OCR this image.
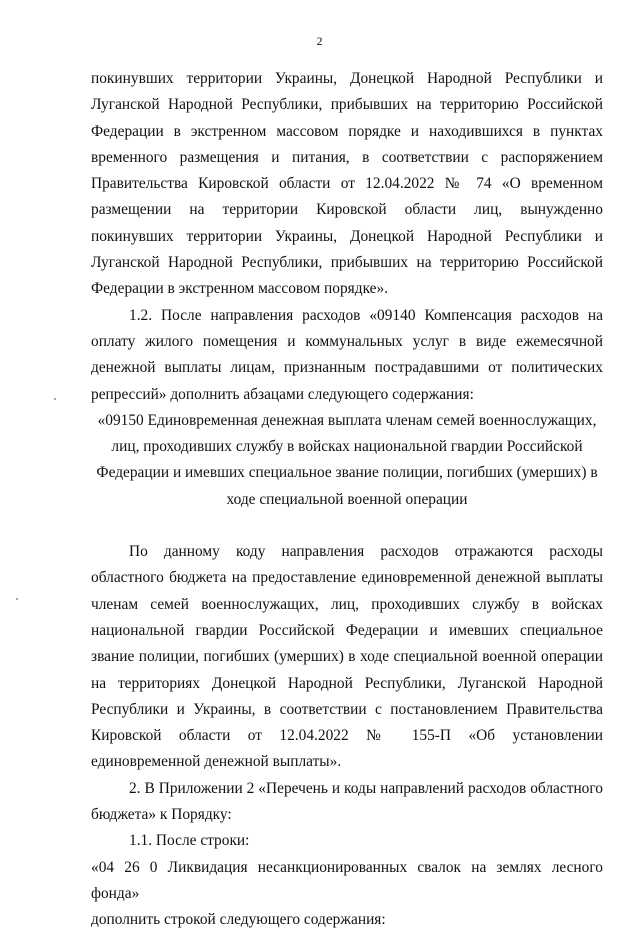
2

покинувших территории Украины, Донецкой Народной Республики и Луганской Народной Республики, прибывших на территорию Российской Федерации в экстренном массовом порядке и находившихся в пунктах временного размещения и питания, в соответствии с распоряжением Правительства Кировской области от 12.04.2022 № 74 «О временном размещении на территории Кировской области лиц, вынужденно покинувших территории Украины, Донецкой Народной Республики и Луганской Народной Республики, прибывших на территорию Российской Федерации в экстренном массовом порядке».

1.2. После направления расходов «09140 Компенсация расходов на оплату жилого помещения и коммунальных услуг в виде ежемесячной денежной выплаты лицам, признанным пострадавшими от политических репрессий» дополнить абзацами следующего содержания:

«09150 Единовременная денежная выплата членам семей военнослужащих, лиц, проходивших службу в войсках национальной гвардии Российской Федерации и имевших специальное звание полиции, погибших (умерших) в ходе специальной военной операции

По данному коду направления расходов отражаются расходы областного бюджета на предоставление единовременной денежной выплаты членам семей военнослужащих, лиц, проходивших службу в войсках национальной гвардии Российской Федерации и имевших специальное звание полиции, погибших (умерших) в ходе специальной военной операции на территориях Донецкой Народной Республики, Луганской Народной Республики и Украины, в соответствии с постановлением Правительства Кировской области от 12.04.2022 № 155-П «Об установлении единовременной денежной выплаты».

2. В Приложении 2 «Перечень и коды направлений расходов областного бюджета» к Порядку:

1.1. После строки:

«04 26 0 Ликвидация несанкционированных свалок на землях лесного фонда»

дополнить строкой следующего содержания:
